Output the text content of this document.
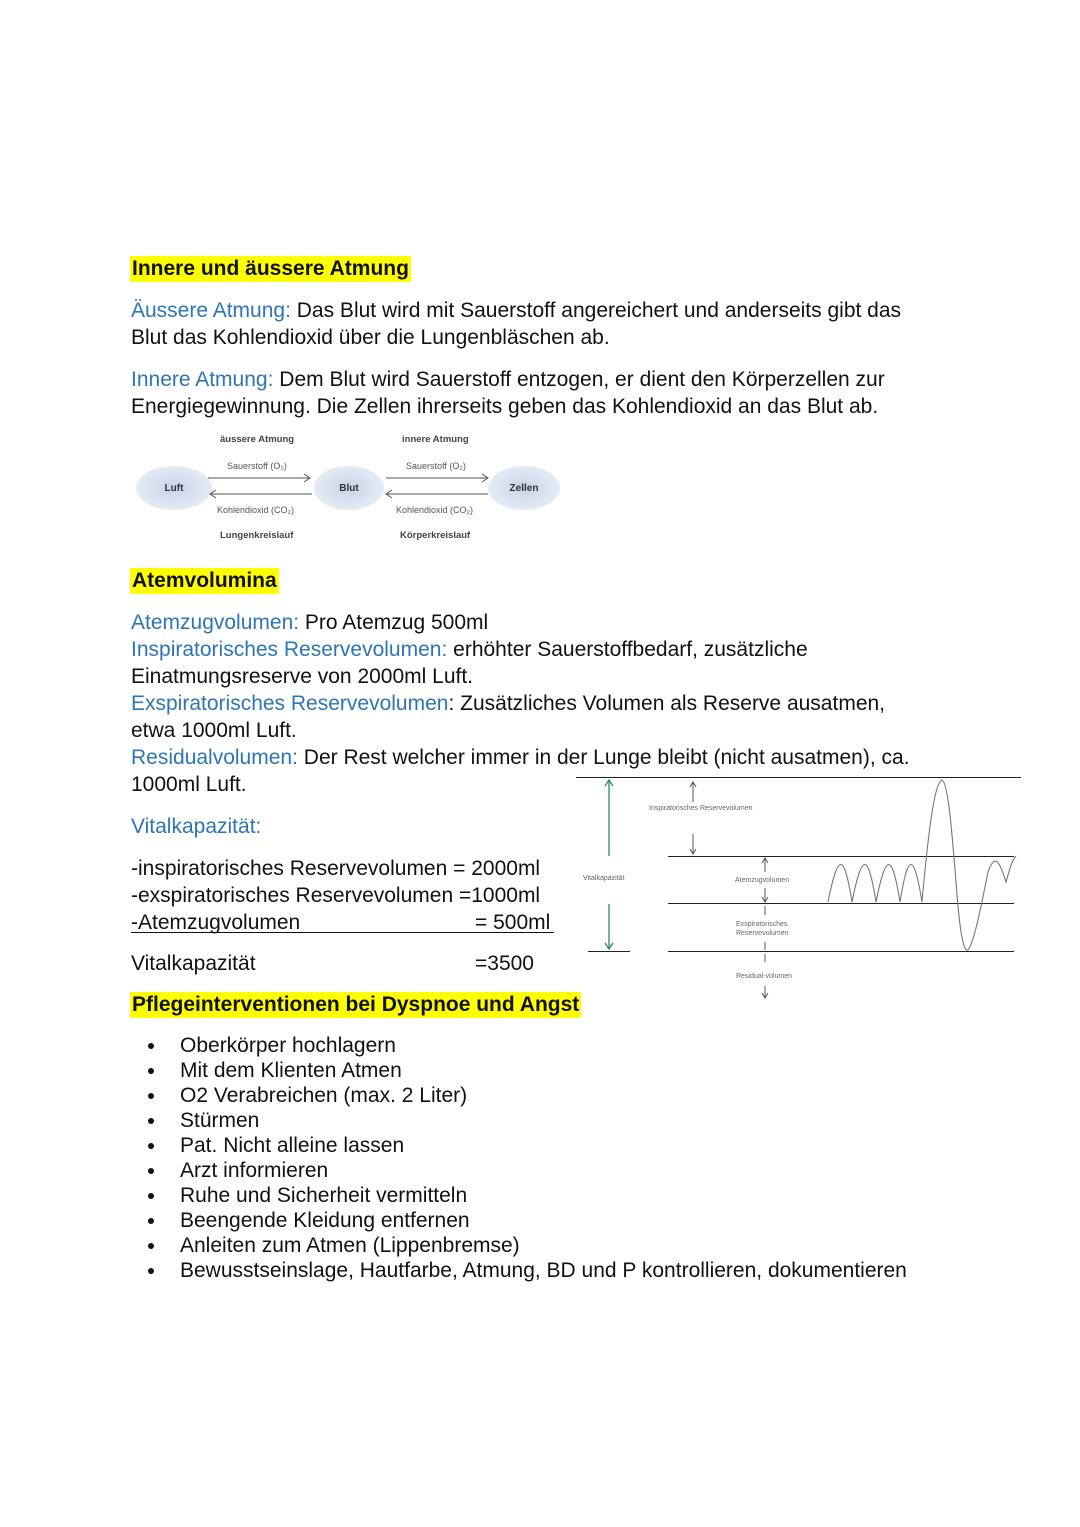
Innere und äussere Atmung
Äussere Atmung: Das Blut wird mit Sauerstoff angereichert und anderseits gibt das
Blut das Kohlendioxid über die Lungenbläschen ab.
Innere Atmung: Dem Blut wird Sauerstoff entzogen, er dient den Körperzellen zur
Energiegewinnung. Die Zellen ihrerseits geben das Kohlendioxid an das Blut ab.
Luft	Blut	Zellen
äussere Atmung	innere Atmung
Sauerstoff (O₂)	Sauerstoff (O₂)
Kohlendioxid (CO₂)	Kohlendioxid (CO₂)
Lungenkreislauf	Körperkreislauf
Atemvolumina
Atemzugvolumen: Pro Atemzug 500ml
Inspiratorisches Reservevolumen: erhöhter Sauerstoffbedarf, zusätzliche
Einatmungsreserve von 2000ml Luft.
Exspiratorisches Reservevolumen: Zusätzliches Volumen als Reserve ausatmen,
etwa 1000ml Luft.
Residualvolumen: Der Rest welcher immer in der Lunge bleibt (nicht ausatmen), ca.
1000ml Luft.
Vitalkapazität:
-inspiratorisches Reservevolumen = 2000ml
-exspiratorisches Reservevolumen =1000ml
-Atemzugvolumen	= 500ml
Vitalkapazität	=3500
Vitalkapazität
Inspiratorisches Reservevolumen
Atemzugvolumen
Exspiratorisches
Reservevolumen
Residual-volumen
Pflegeinterventionen bei Dyspnoe und Angst
Oberkörper hochlagern
Mit dem Klienten Atmen
O2 Verabreichen (max. 2 Liter)
Stürmen
Pat. Nicht alleine lassen
Arzt informieren
Ruhe und Sicherheit vermitteln
Beengende Kleidung entfernen
Anleiten zum Atmen (Lippenbremse)
Bewusstseinslage, Hautfarbe, Atmung, BD und P kontrollieren, dokumentieren
